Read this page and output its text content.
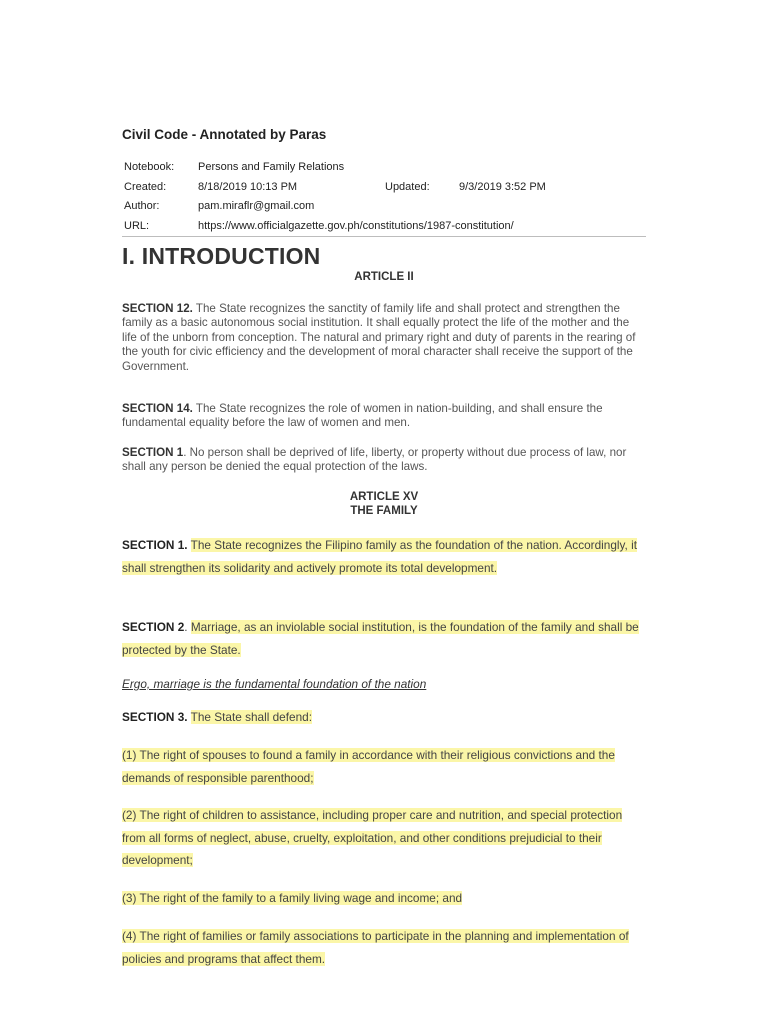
Civil Code - Annotated by Paras
Notebook: Persons and Family Relations
Created:	8/18/2019 10:13 PM	Updated:	9/3/2019 3:52 PM
Author:	pam.miraflr@gmail.com
URL:	https://www.officialgazette.gov.ph/constitutions/1987-constitution/
I. INTRODUCTION
ARTICLE II

SECTION 12. The State recognizes the sanctity of family life and shall protect and strengthen the family as a basic autonomous social institution. It shall equally protect the life of the mother and the life of the unborn from conception. The natural and primary right and duty of parents in the rearing of the youth for civic efficiency and the development of moral character shall receive the support of the Government.

SECTION 14. The State recognizes the role of women in nation-building, and shall ensure the fundamental equality before the law of women and men.

SECTION 1. No person shall be deprived of life, liberty, or property without due process of law, nor shall any person be denied the equal protection of the laws.

ARTICLE XV
THE FAMILY

SECTION 1. The State recognizes the Filipino family as the foundation of the nation. Accordingly, it shall strengthen its solidarity and actively promote its total development.

SECTION 2. Marriage, as an inviolable social institution, is the foundation of the family and shall be protected by the State.

Ergo, marriage is the fundamental foundation of the nation

SECTION 3. The State shall defend:

(1) The right of spouses to found a family in accordance with their religious convictions and the demands of responsible parenthood;

(2) The right of children to assistance, including proper care and nutrition, and special protection from all forms of neglect, abuse, cruelty, exploitation, and other conditions prejudicial to their development;

(3) The right of the family to a family living wage and income; and

(4) The right of families or family associations to participate in the planning and implementation of policies and programs that affect them.
